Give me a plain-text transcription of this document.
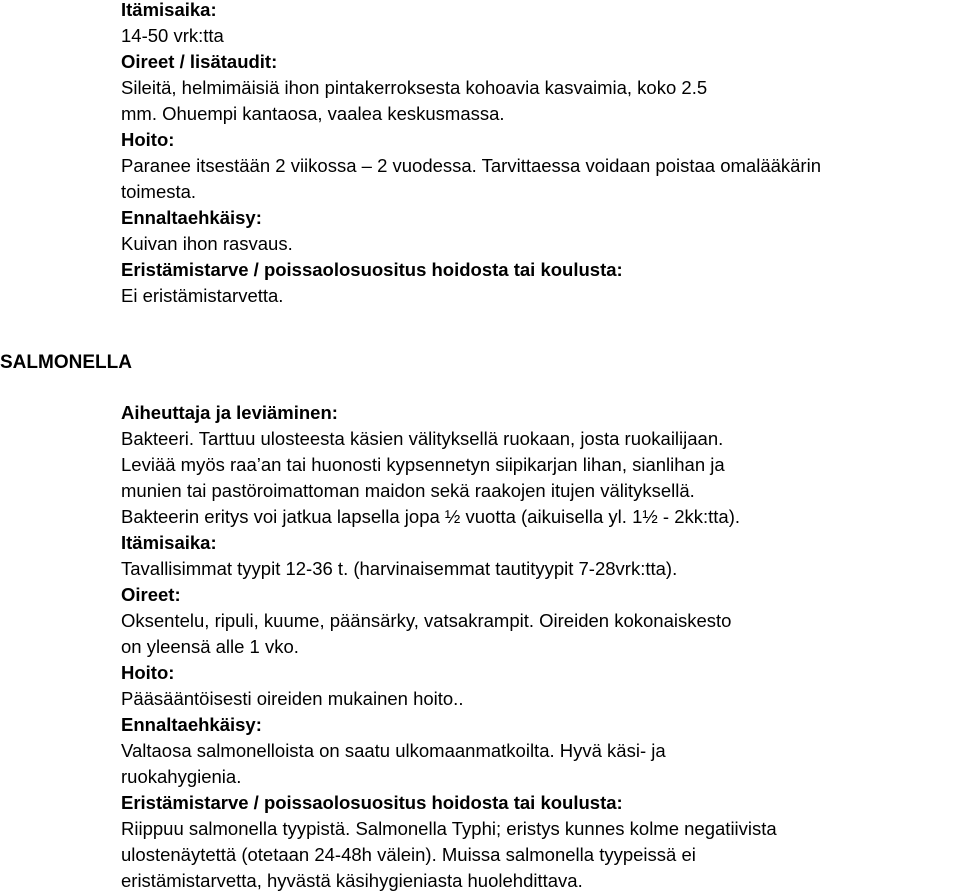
Itämisaika:
14-50 vrk:tta
Oireet / lisätaudit:
Sileitä, helmimäisiä ihon pintakerroksesta kohoavia kasvaimia, koko 2.5
mm. Ohuempi kantaosa, vaalea keskusmassa.
Hoito:
Paranee itsestään 2 viikossa – 2 vuodessa. Tarvittaessa voidaan poistaa omalääkärin
toimesta.
Ennaltaehkäisy:
Kuivan ihon rasvaus.
Eristämistarve / poissaolosuositus hoidosta tai koulusta:
Ei eristämistarvetta.
SALMONELLA
Aiheuttaja ja leviäminen:
Bakteeri. Tarttuu ulosteesta käsien välityksellä ruokaan, josta ruokailijaan.
Leviää myös raa’an tai huonosti kypsennetyn siipikarjan lihan, sianlihan ja
munien tai pastöroimattoman maidon sekä raakojen itujen välityksellä.
Bakteerin eritys voi jatkua lapsella jopa ½ vuotta (aikuisella yl. 1½ - 2kk:tta).
Itämisaika:
Tavallisimmat tyypit 12-36 t. (harvinaisemmat tautityypit 7-28vrk:tta).
Oireet:
Oksentelu, ripuli, kuume, päänsärky, vatsakrampit. Oireiden kokonaiskesto
on yleensä alle 1 vko.
Hoito:
Pääsääntöisesti oireiden mukainen hoito..
Ennaltaehkäisy:
Valtaosa salmonelloista on saatu ulkomaanmatkoilta. Hyvä käsi- ja
ruokahygienia.
Eristämistarve / poissaolosuositus hoidosta tai koulusta:
Riippuu salmonella tyypistä. Salmonella Typhi; eristys kunnes kolme negatiivista
ulostenäytettä (otetaan 24-48h välein). Muissa salmonella tyypeissä ei
eristämistarvetta, hyvästä käsihygieniasta huolehdittava.
